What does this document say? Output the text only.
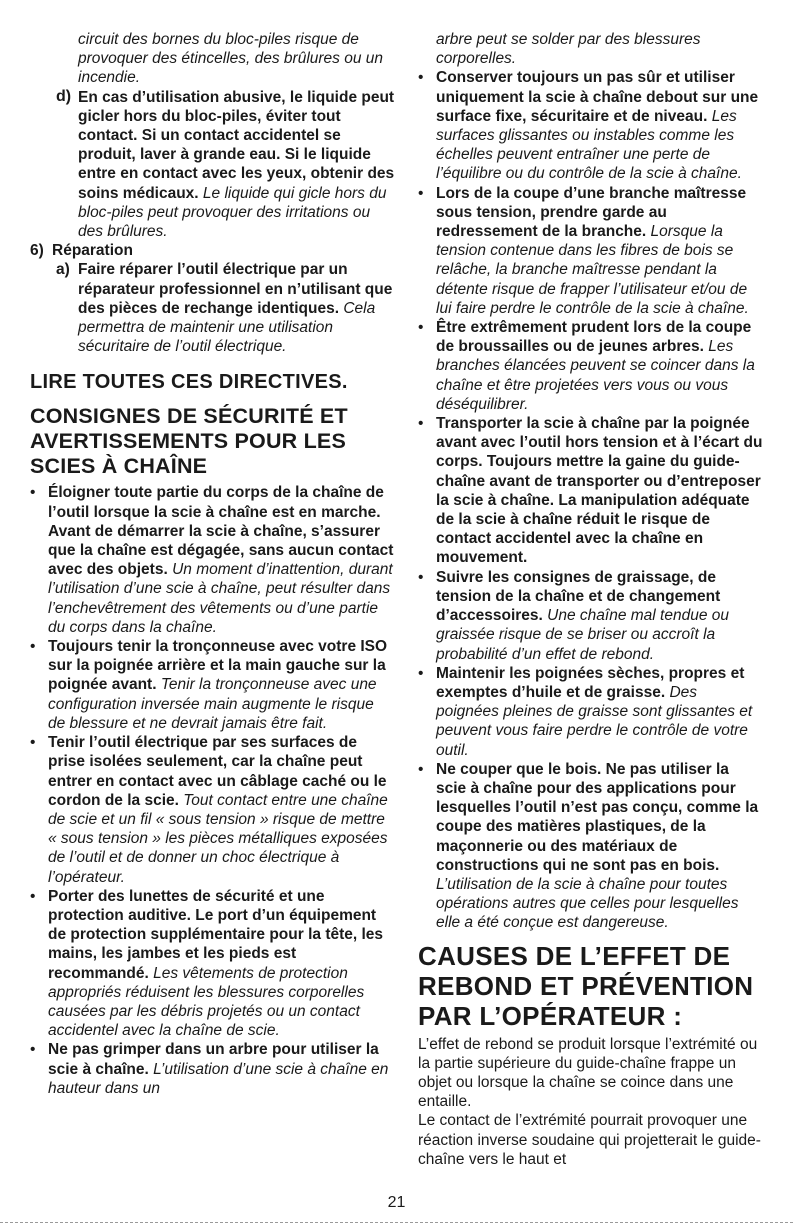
circuit des bornes du bloc-piles risque de provoquer des étincelles, des brûlures ou un incendie.

d) En cas d’utilisation abusive, le liquide peut gicler hors du bloc-piles, éviter tout contact. Si un contact accidentel se produit, laver à grande eau. Si le liquide entre en contact avec les yeux, obtenir des soins médicaux. Le liquide qui gicle hors du bloc-piles peut provoquer des irritations ou des brûlures.

6) Réparation

a) Faire réparer l’outil électrique par un réparateur professionnel en n’utilisant que des pièces de rechange identiques. Cela permettra de maintenir une utilisation sécuritaire de l’outil électrique.

LIRE TOUTES CES DIRECTIVES.
CONSIGNES DE SÉCURITÉ ET AVERTISSEMENTS POUR LES SCIES À CHAÎNE

• Éloigner toute partie du corps de la chaîne de l’outil lorsque la scie à chaîne est en marche. Avant de démarrer la scie à chaîne, s’assurer que la chaîne est dégagée, sans aucun contact avec des objets. Un moment d’inattention, durant l’utilisation d’une scie à chaîne, peut résulter dans l’enchevêtrement des vêtements ou d’une partie du corps dans la chaîne.

• Toujours tenir la tronçonneuse avec votre ISO sur la poignée arrière et la main gauche sur la poignée avant. Tenir la tronçonneuse avec une configuration inversée main augmente le risque de blessure et ne devrait jamais être fait.

• Tenir l’outil électrique par ses surfaces de prise isolées seulement, car la chaîne peut entrer en contact avec un câblage caché ou le cordon de la scie. Tout contact entre une chaîne de scie et un fil « sous tension » risque de mettre « sous tension » les pièces métalliques exposées de l’outil et de donner un choc électrique à l’opérateur.

• Porter des lunettes de sécurité et une protection auditive. Le port d’un équipement de protection supplémentaire pour la tête, les mains, les jambes et les pieds est recommandé. Les vêtements de protection appropriés réduisent les blessures corporelles causées par les débris projetés ou un contact accidentel avec la chaîne de scie.

• Ne pas grimper dans un arbre pour utiliser la scie à chaîne. L’utilisation d’une scie à chaîne en hauteur dans un

arbre peut se solder par des blessures corporelles.

• Conserver toujours un pas sûr et utiliser uniquement la scie à chaîne debout sur une surface fixe, sécuritaire et de niveau. Les surfaces glissantes ou instables comme les échelles peuvent entraîner une perte de l’équilibre ou du contrôle de la scie à chaîne.

• Lors de la coupe d’une branche maîtresse sous tension, prendre garde au redressement de la branche. Lorsque la tension contenue dans les fibres de bois se relâche, la branche maîtresse pendant la détente risque de frapper l’utilisateur et/ou de lui faire perdre le contrôle de la scie à chaîne.

• Être extrêmement prudent lors de la coupe de broussailles ou de jeunes arbres. Les branches élancées peuvent se coincer dans la chaîne et être projetées vers vous ou vous déséquilibrer.

• Transporter la scie à chaîne par la poignée avant avec l’outil hors tension et à l’écart du corps. Toujours mettre la gaine du guide-chaîne avant de transporter ou d’entreposer la scie à chaîne. La manipulation adéquate de la scie à chaîne réduit le risque de contact accidentel avec la chaîne en mouvement.

• Suivre les consignes de graissage, de tension de la chaîne et de changement d’accessoires. Une chaîne mal tendue ou graissée risque de se briser ou accroît la probabilité d’un effet de rebond.

• Maintenir les poignées sèches, propres et exemptes d’huile et de graisse. Des poignées pleines de graisse sont glissantes et peuvent vous faire perdre le contrôle de votre outil.

• Ne couper que le bois. Ne pas utiliser la scie à chaîne pour des applications pour lesquelles l’outil n’est pas conçu, comme la coupe des matières plastiques, de la maçonnerie ou des matériaux de constructions qui ne sont pas en bois. L’utilisation de la scie à chaîne pour toutes opérations autres que celles pour lesquelles elle a été conçue est dangereuse.

CAUSES DE L’EFFET DE REBOND ET PRÉVENTION PAR L’OPÉRATEUR :

L’effet de rebond se produit lorsque l’extrémité ou la partie supérieure du guide-chaîne frappe un objet ou lorsque la chaîne se coince dans une entaille.

Le contact de l’extrémité pourrait provoquer une réaction inverse soudaine qui projetterait le guide-chaîne vers le haut et

21
